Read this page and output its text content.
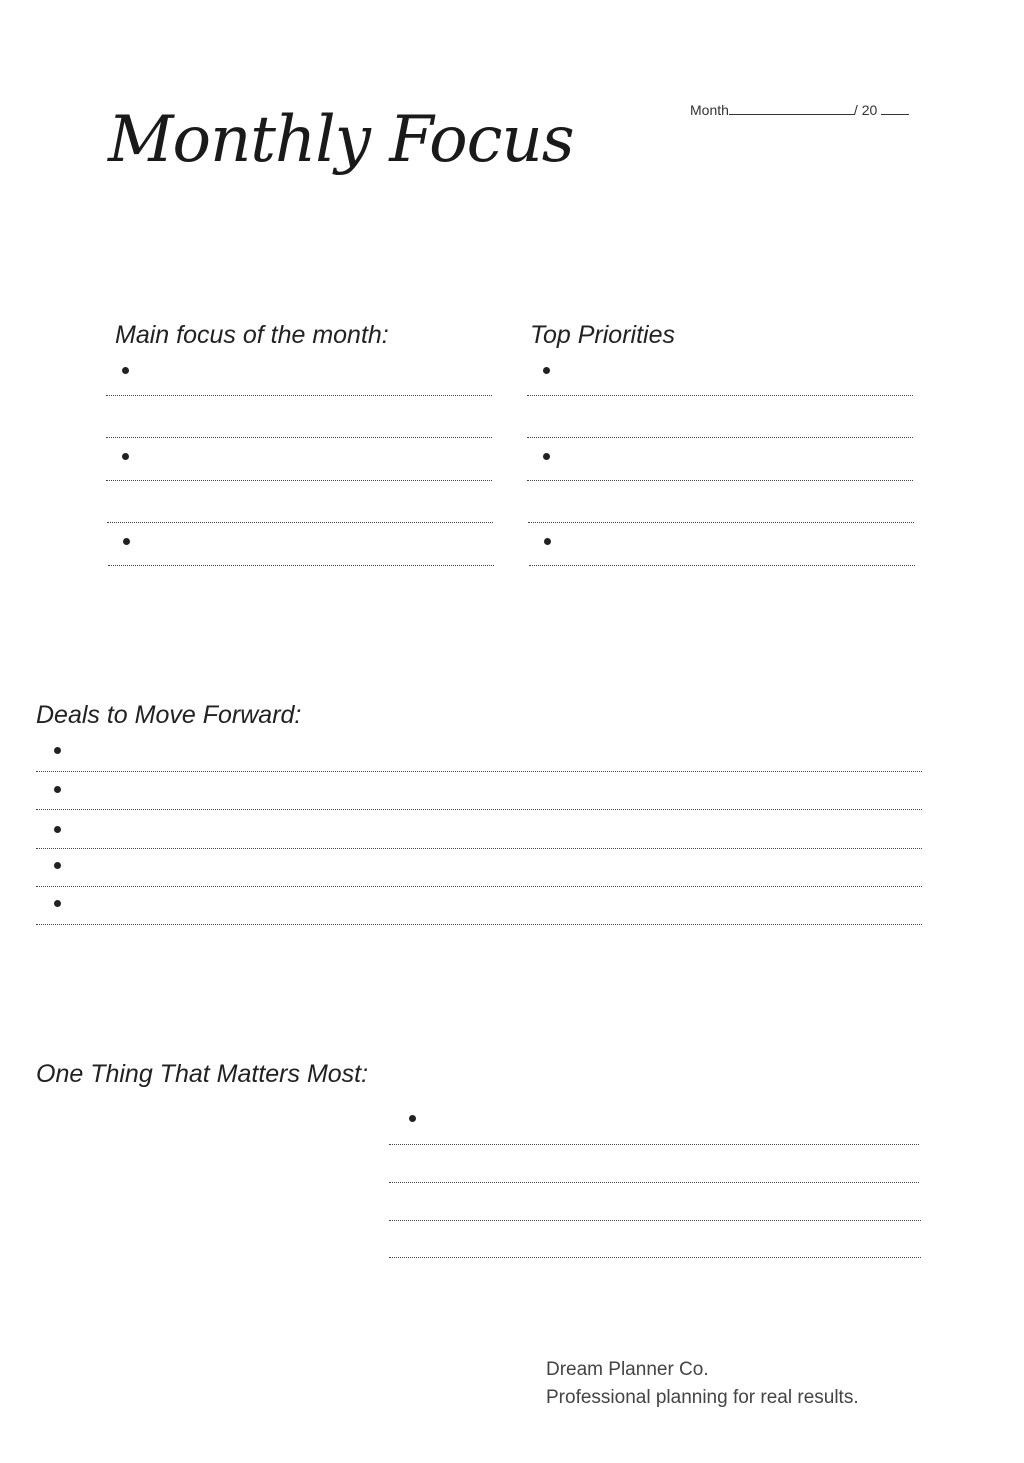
Monthly Focus	Month	/ 20
Main focus of the month:	Top Priorities
Deals to Move Forward:
One Thing That Matters Most:
Dream Planner Co.
Professional planning for real results.
